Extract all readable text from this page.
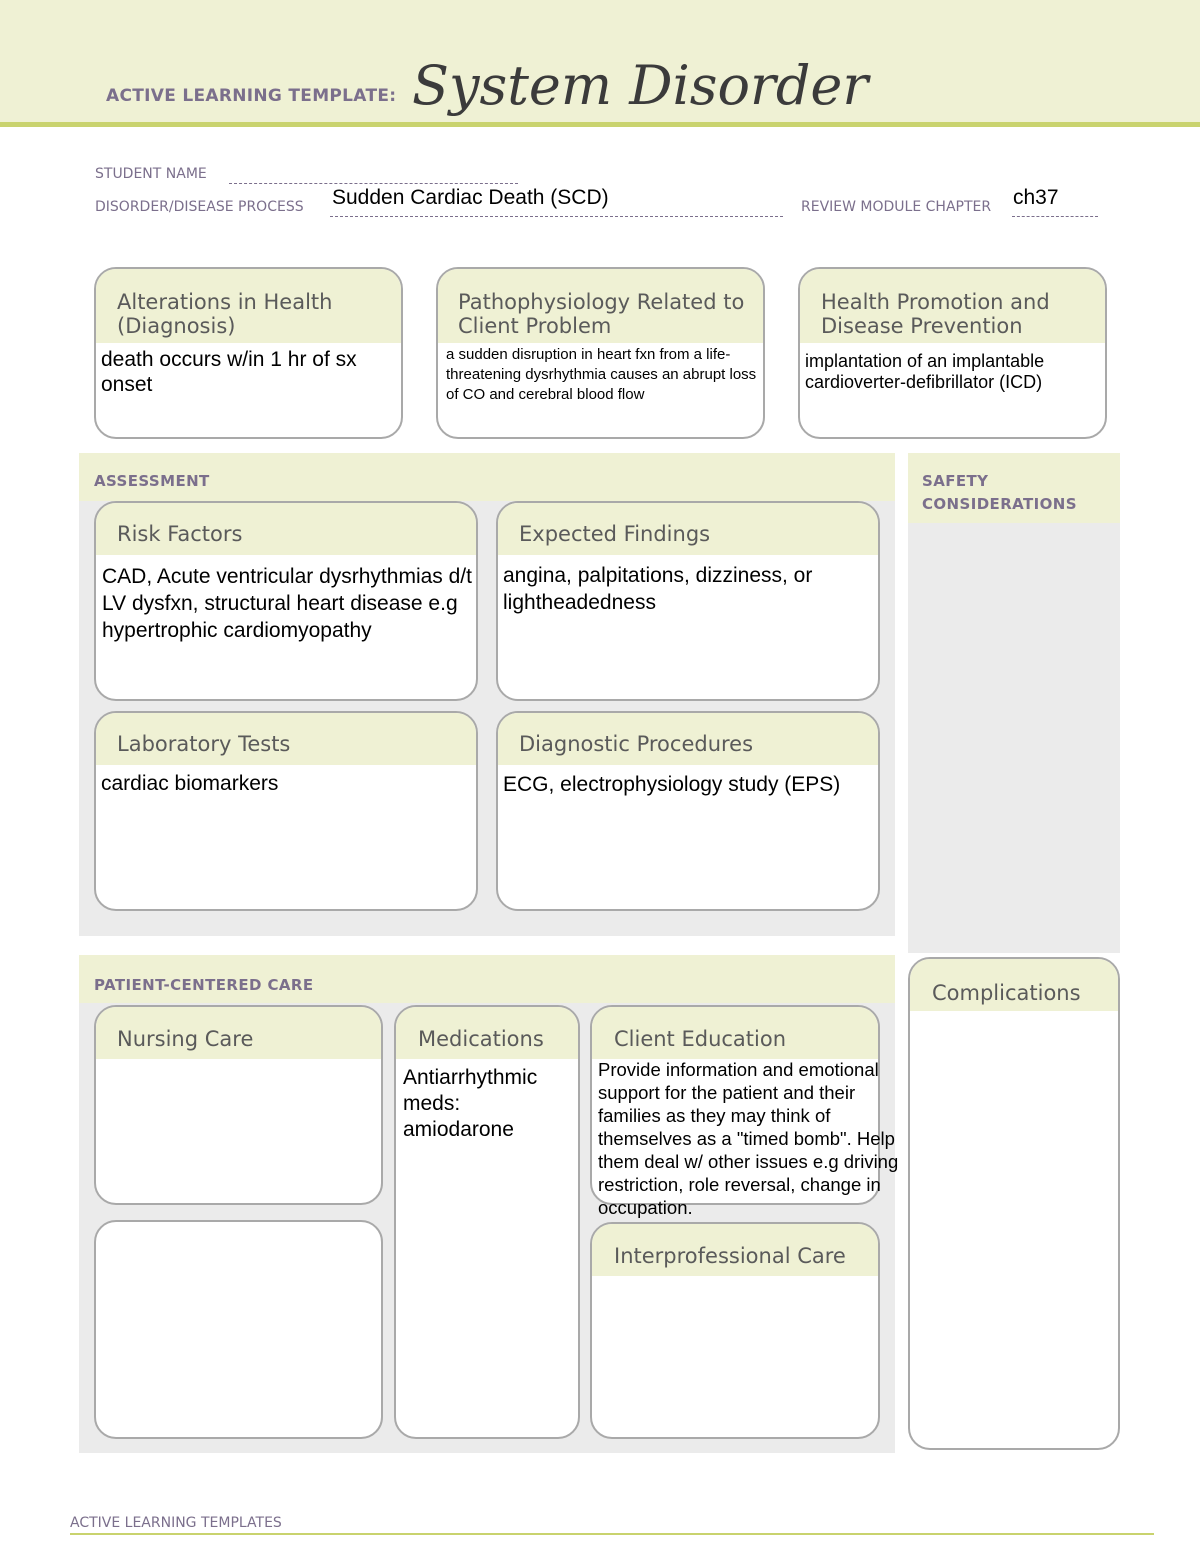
ACTIVE LEARNING TEMPLATE: System Disorder
STUDENT NAME
DISORDER/DISEASE PROCESS Sudden Cardiac Death (SCD)	REVIEW MODULE CHAPTER ch37
Alterations in Health (Diagnosis)
death occurs w/in 1 hr of sx onset
Pathophysiology Related to Client Problem
a sudden disruption in heart fxn from a life-threatening dysrhythmia causes an abrupt loss of CO and cerebral blood flow
Health Promotion and Disease Prevention
implantation of an implantable cardioverter-defibrillator (ICD)
ASSESSMENT
Risk Factors
CAD, Acute ventricular dysrhythmias d/t LV dysfxn, structural heart disease e.g hypertrophic cardiomyopathy
Expected Findings
angina, palpitations, dizziness, or lightheadedness
Laboratory Tests
cardiac biomarkers
Diagnostic Procedures
ECG, electrophysiology study (EPS)
SAFETY CONSIDERATIONS
Complications
PATIENT-CENTERED CARE
Nursing Care	Medications
Antiarrhythmic meds: amiodarone
Client Education
Interprofessional Care
Provide information and emotional support for the patient and their families as they may think of themselves as a "timed bomb". Help them deal w/ other issues e.g driving restriction, role reversal, change in occupation.
ACTIVE LEARNING TEMPLATES
